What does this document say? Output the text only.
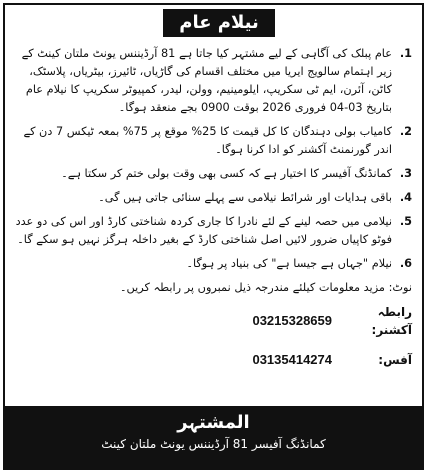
نیلام عام
1.
عام پبلک کی آگاہی کے لیے مشتہر کیا جاتا ہے 81 آرڈیننس یونٹ ملتان کینٹ کے زیر اہتمام سالویج ایریا میں مختلف اقسام کی گاڑیاں، ٹائیرز، بیٹریاں، پلاسٹک، کاٹن، آئرن، ایم ٹی سکریپ، ایلومینیم، وولن، لیدر، کمپیوٹر سکریپ کا نیلام عام بتاریخ 03-04 فروری 2026 بوقت 0900 بجے منعقد ہوگا۔
2.
کامیاب بولی دہندگان کا کل قیمت کا 25% موقع پر 75% بمعہ ٹیکس 7 دن کے اندر گورنمنٹ آکشنر کو ادا کرنا ہوگا۔
3.
کمانڈنگ آفیسر کا اختیار ہے کہ کسی بھی وقت بولی ختم کر سکتا ہے۔
4.
باقی ہدایات اور شرائط نیلامی سے پہلے سنائی جاتی ہیں گی۔
5.
نیلامی میں حصہ لینے کے لئے نادرا کا جاری کردہ شناختی کارڈ اور اس کی دو عدد فوٹو کاپیاں ضرور لائیں اصل شناختی کارڈ کے بغیر داخلہ ہرگز نہیں ہو سکے گا۔
6.
نیلام "جہاں ہے جیسا ہے" کی بنیاد پر ہوگا۔
نوٹ: مزید معلومات کیلئے مندرجہ ذیل نمبروں پر رابطہ کریں۔
رابطہ آکشنر:
03215328659
آفس:
03135414274
المشتہر
کمانڈنگ آفیسر 81 آرڈیننس یونٹ ملتان کینٹ
